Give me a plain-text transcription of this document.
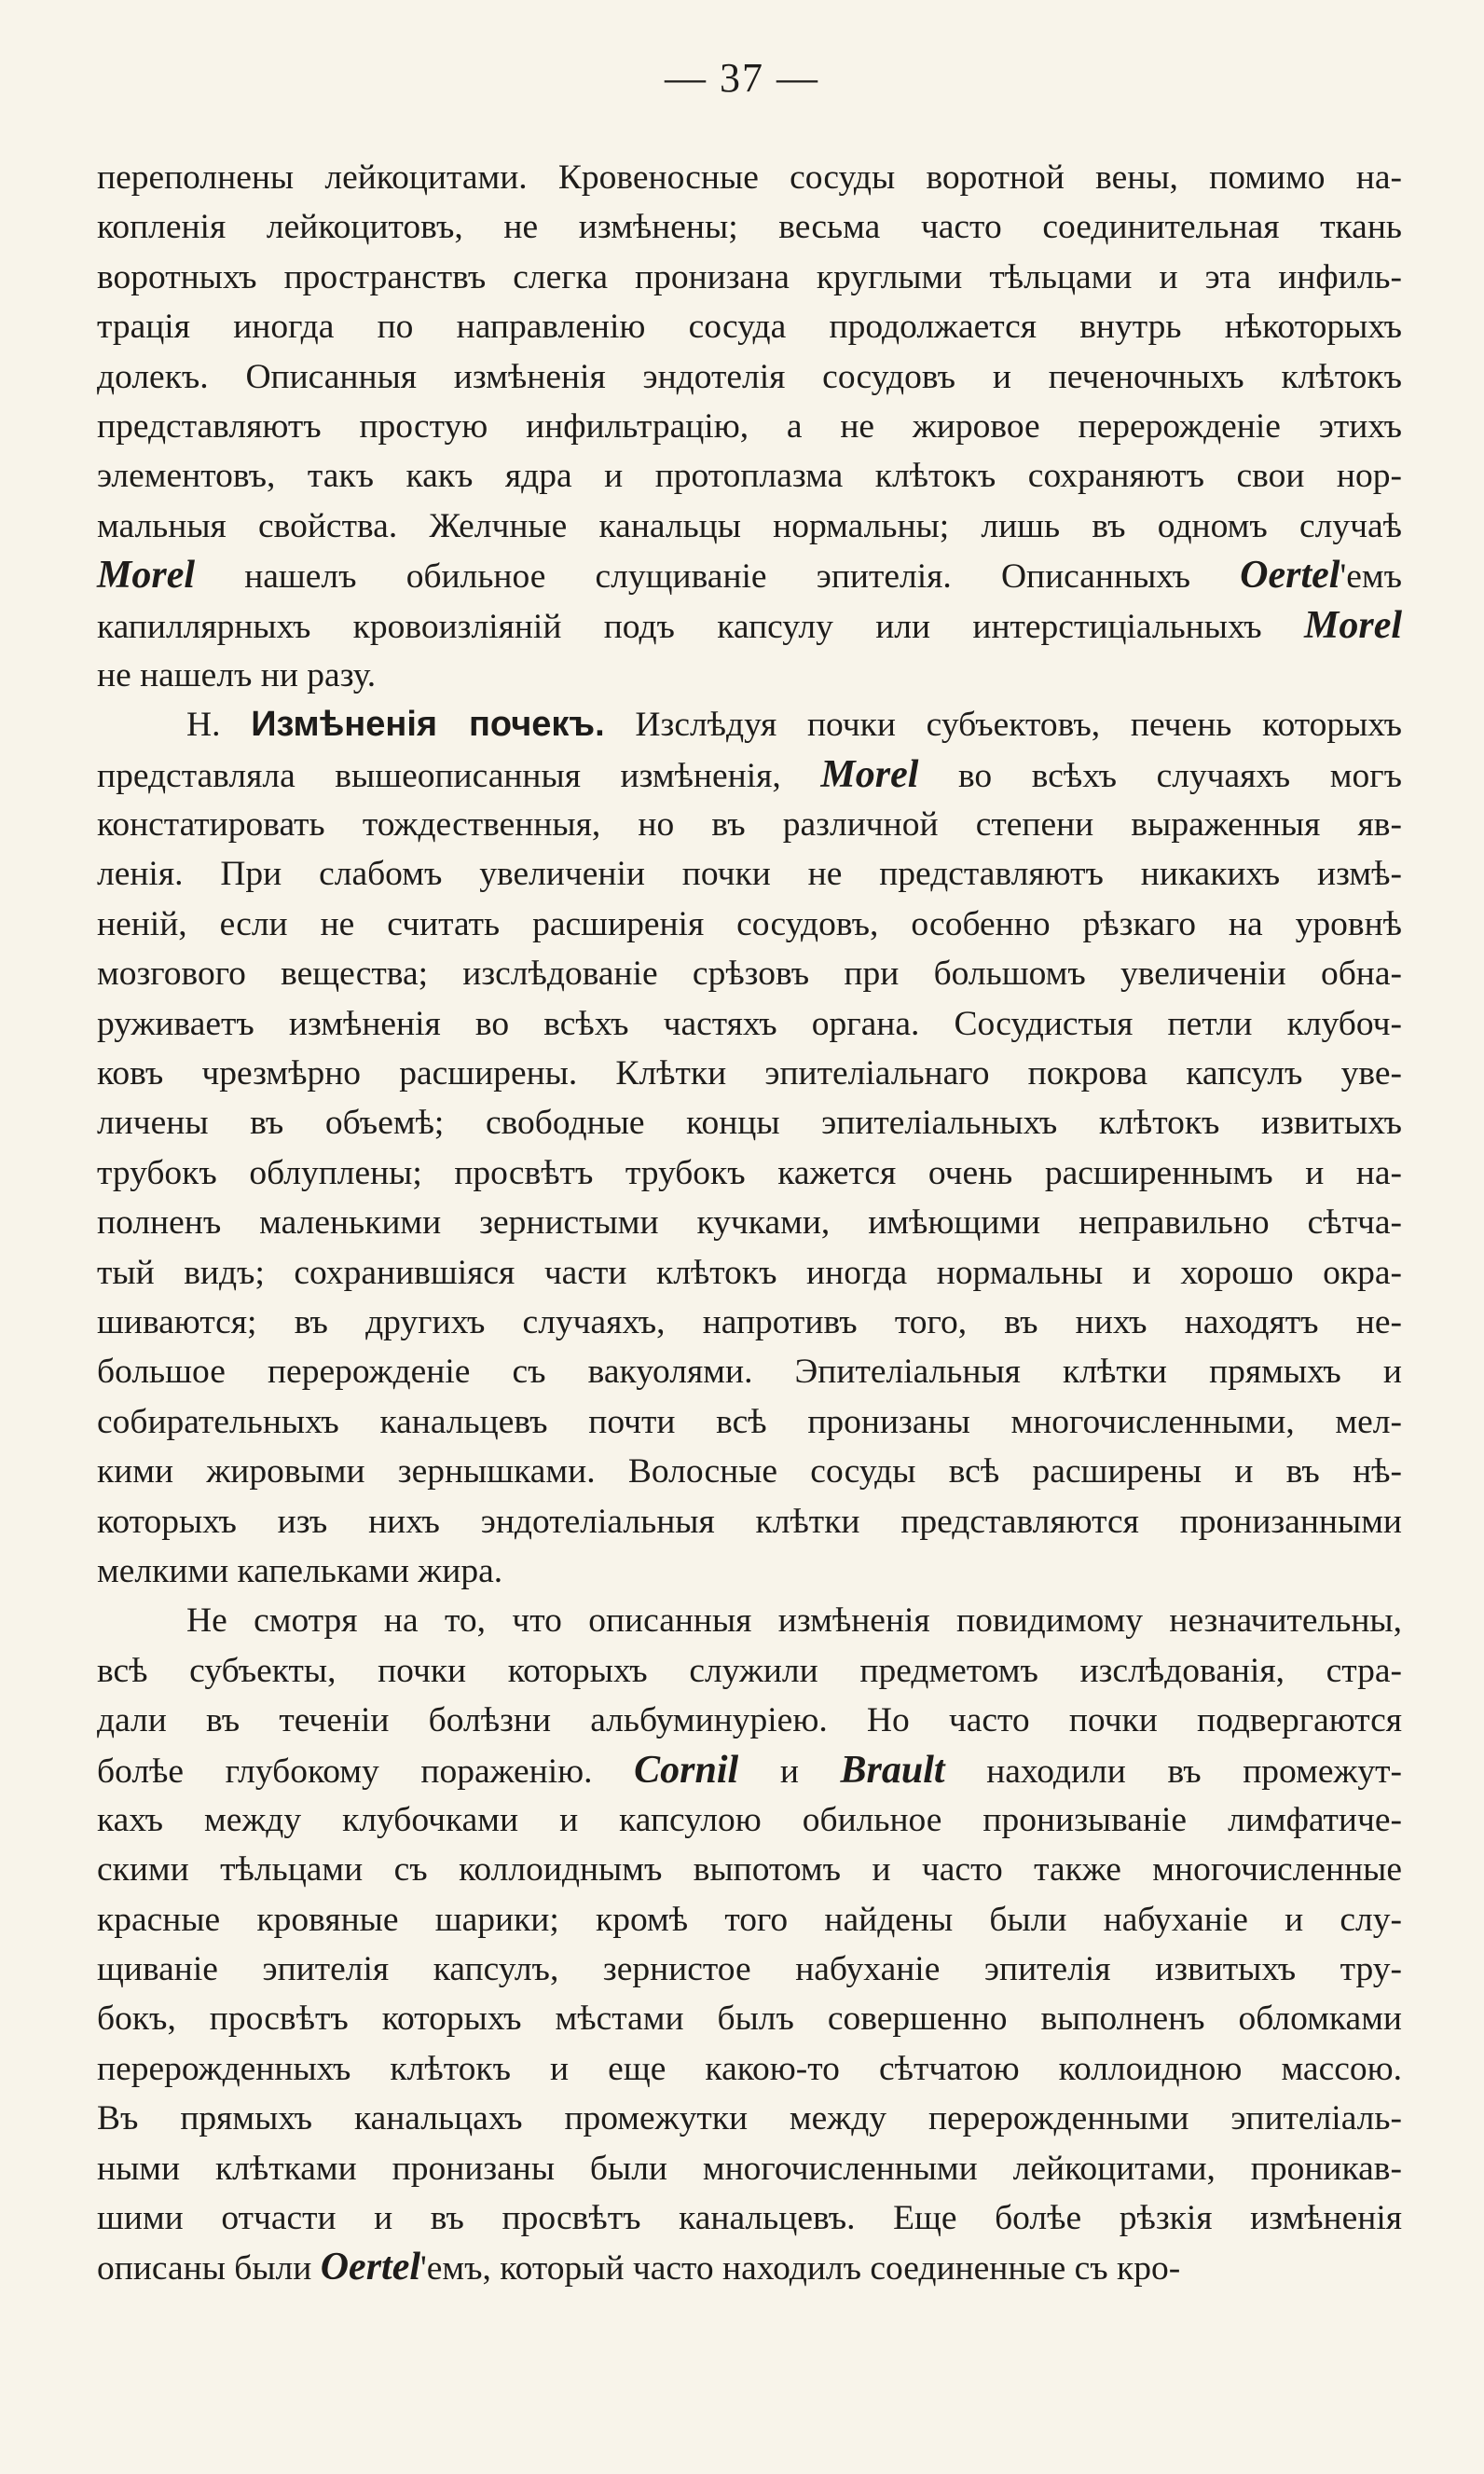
— 37 —
переполнены лейкоцитами. Кровеносные сосуды воротной вены, помимо на-
копленія лейкоцитовъ, не измѣнены; весьма часто соединительная ткань
воротныхъ пространствъ слегка пронизана круглыми тѣльцами и эта инфиль-
трація иногда по направленію сосуда продолжается внутрь нѣкоторыхъ
долекъ. Описанныя измѣненія эндотелія сосудовъ и печеночныхъ клѣтокъ
представляютъ простую инфильтрацію, а не жировое перерожденіе этихъ
элементовъ, такъ какъ ядра и протоплазма клѣтокъ сохраняютъ свои нор-
мальныя свойства. Желчные канальцы нормальны; лишь въ одномъ случаѣ
Morel нашелъ обильное слущиваніе эпителія. Описанныхъ Oertel'емъ
капиллярныхъ кровоизліяній подъ капсулу или интерстиціальныхъ Morel
не нашелъ ни разу.
Н. Измѣненія почекъ. Изслѣдуя почки субъектовъ, печень которыхъ
представляла вышеописанныя измѣненія, Morel во всѣхъ случаяхъ могъ
констатировать тождественныя, но въ различной степени выраженныя яв-
ленія. При слабомъ увеличеніи почки не представляютъ никакихъ измѣ-
неній, если не считать расширенія сосудовъ, особенно рѣзкаго на уровнѣ
мозгового вещества; изслѣдованіе срѣзовъ при большомъ увеличеніи обна-
руживаетъ измѣненія во всѣхъ частяхъ органа. Сосудистыя петли клубоч-
ковъ чрезмѣрно расширены. Клѣтки эпителіальнаго покрова капсулъ уве-
личены въ объемѣ; свободные концы эпителіальныхъ клѣтокъ извитыхъ
трубокъ облуплены; просвѣтъ трубокъ кажется очень расширеннымъ и на-
полненъ маленькими зернистыми кучками, имѣющими неправильно сѣтча-
тый видъ; сохранившіяся части клѣтокъ иногда нормальны и хорошо окра-
шиваются; въ другихъ случаяхъ, напротивъ того, въ нихъ находятъ не-
большое перерожденіе съ вакуолями. Эпителіальныя клѣтки прямыхъ и
собирательныхъ канальцевъ почти всѣ пронизаны многочисленными, мел-
кими жировыми зернышками. Волосные сосуды всѣ расширены и въ нѣ-
которыхъ изъ нихъ эндотеліальныя клѣтки представляются пронизанными
мелкими капельками жира.
Не смотря на то, что описанныя измѣненія повидимому незначительны,
всѣ субъекты, почки которыхъ служили предметомъ изслѣдованія, стра-
дали въ теченіи болѣзни альбуминуріею. Но часто почки подвергаются
болѣе глубокому пораженію. Cornil и Brault находили въ промежут-
кахъ между клубочками и капсулою обильное пронизываніе лимфатиче-
скими тѣльцами съ коллоиднымъ выпотомъ и часто также многочисленные
красные кровяные шарики; кромѣ того найдены были набуханіе и слу-
щиваніе эпителія капсулъ, зернистое набуханіе эпителія извитыхъ тру-
бокъ, просвѣтъ которыхъ мѣстами былъ совершенно выполненъ обломками
перерожденныхъ клѣтокъ и еще какою-то сѣтчатою коллоидною массою.
Въ прямыхъ канальцахъ промежутки между перерожденными эпителіаль-
ными клѣтками пронизаны были многочисленными лейкоцитами, проникав-
шими отчасти и въ просвѣтъ канальцевъ. Еще болѣе рѣзкія измѣненія
описаны были Oertel'емъ, который часто находилъ соединенные съ кро-
